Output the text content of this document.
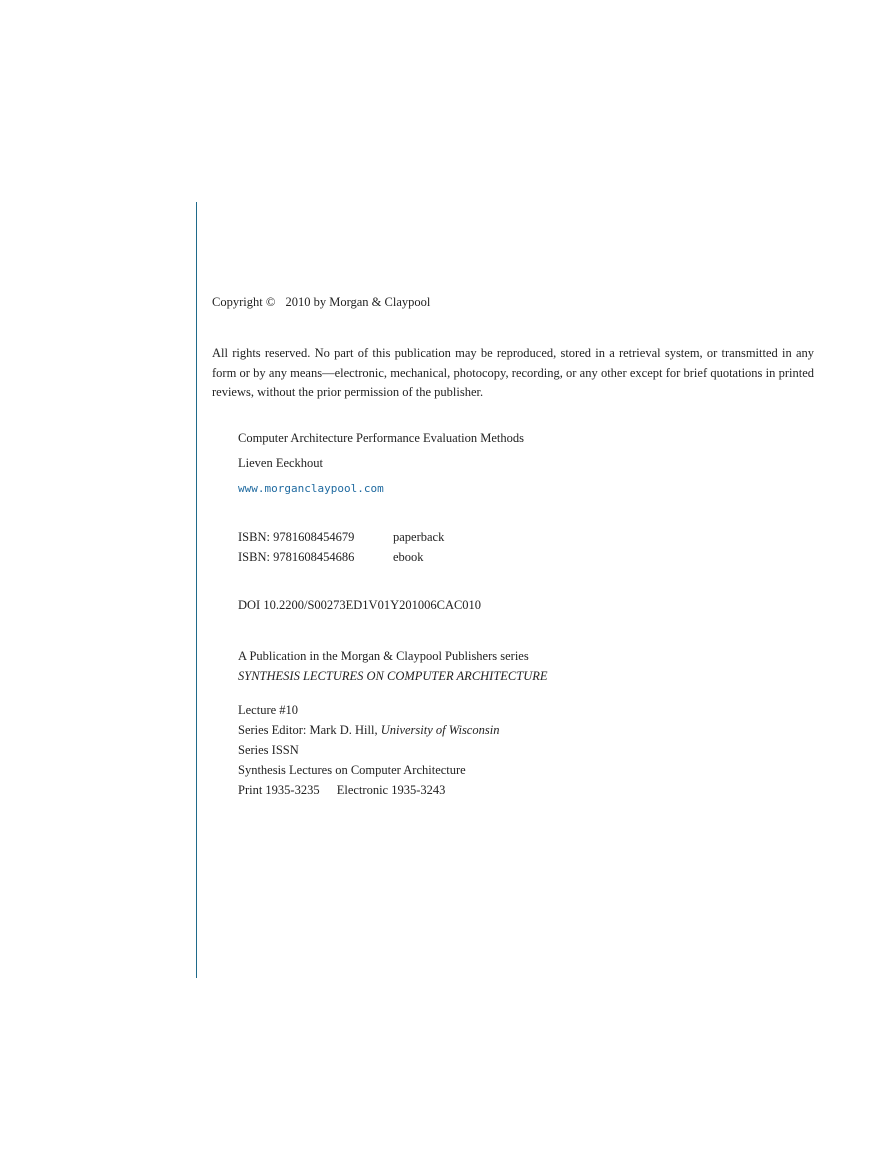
Copyright © 2010 by Morgan & Claypool
All rights reserved. No part of this publication may be reproduced, stored in a retrieval system, or transmitted in any form or by any means—electronic, mechanical, photocopy, recording, or any other except for brief quotations in printed reviews, without the prior permission of the publisher.
Computer Architecture Performance Evaluation Methods
Lieven Eeckhout
www.morganclaypool.com
ISBN: 9781608454679	paperback
ISBN: 9781608454686	ebook
DOI 10.2200/S00273ED1V01Y201006CAC010
A Publication in the Morgan & Claypool Publishers series
SYNTHESIS LECTURES ON COMPUTER ARCHITECTURE
Lecture #10
Series Editor: Mark D. Hill, University of Wisconsin
Series ISSN
Synthesis Lectures on Computer Architecture
Print 1935-3235 Electronic 1935-3243
